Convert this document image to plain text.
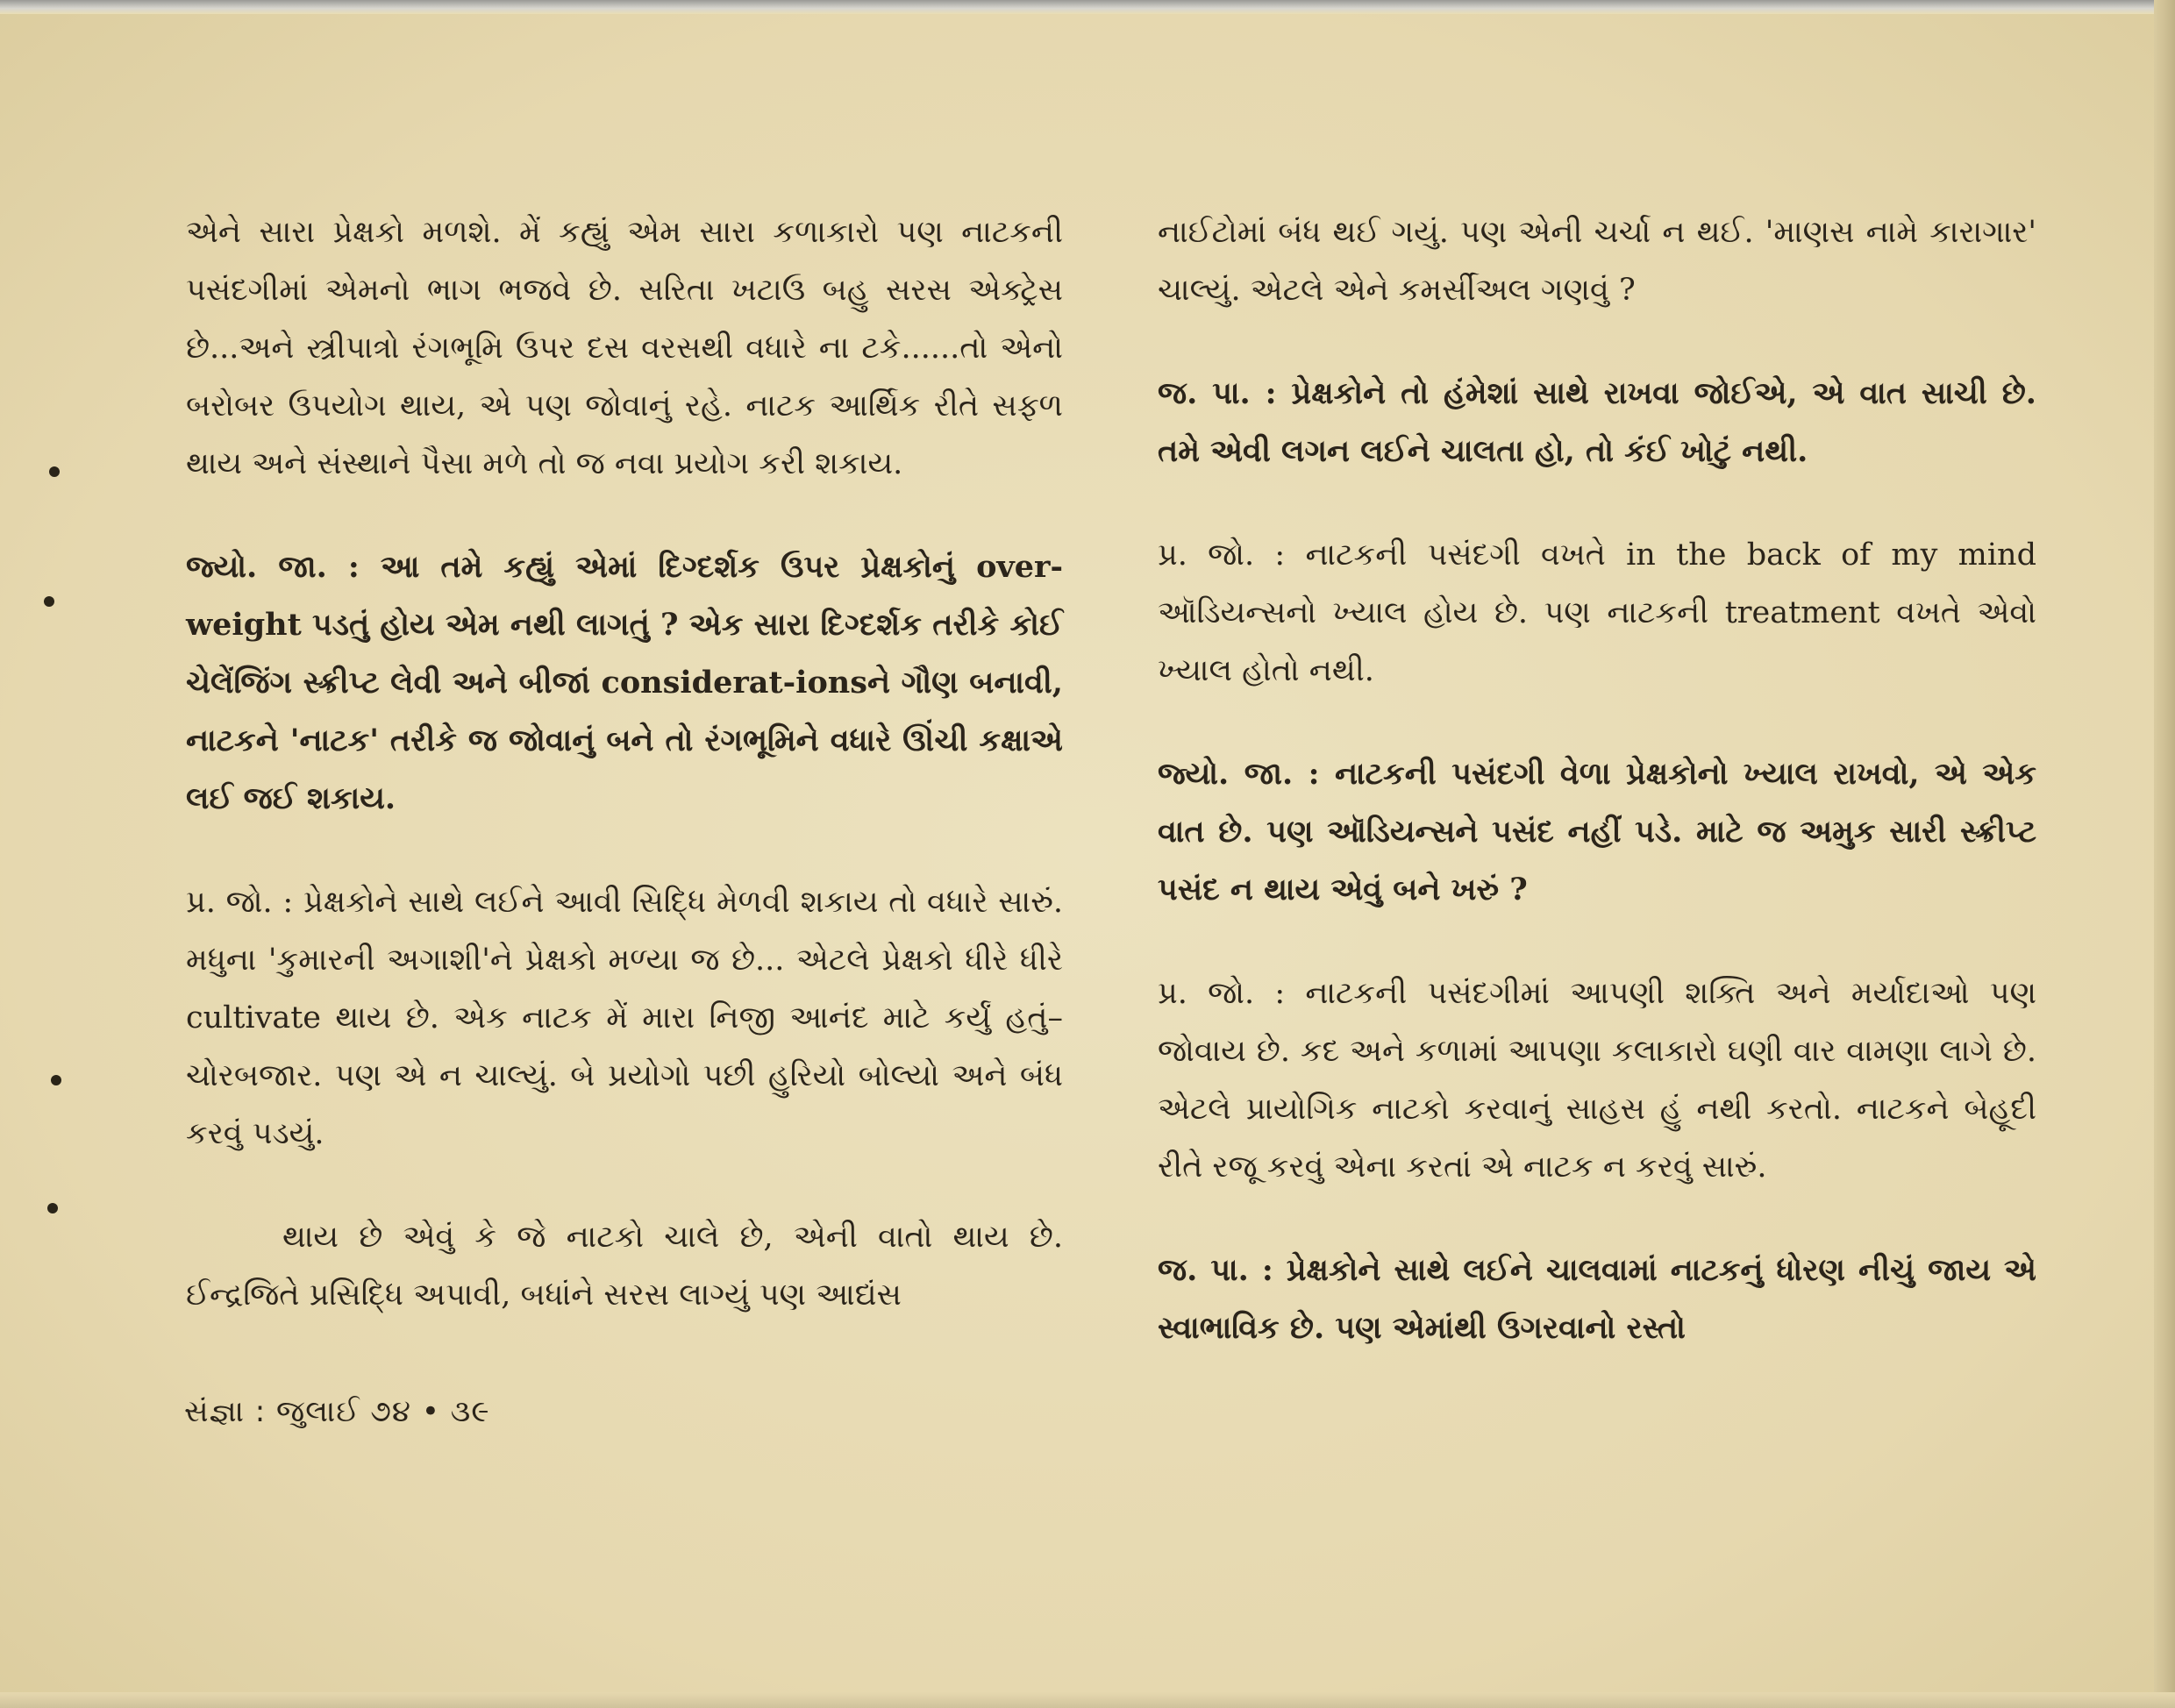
એને સારા પ્રેક્ષકો મળશે. મેં કહ્યું એમ સારા કળાકારો પણ નાટકની પસંદગીમાં એમનો ભાગ ભજવે છે. સરિતા ખટાઉ બહુ સરસ એક્ટ્રેસ છે...અને સ્ત્રીપાત્રો રંગભૂમિ ઉપર દસ વરસથી વધારે ના ટકે......તો એનો બરોબર ઉપયોગ થાય, એ પણ જોવાનું રહે. નાટક આર્થિક રીતે સફળ થાય અને સંસ્થાને પૈસા મળે તો જ નવા પ્રયોગ કરી શકાય.

જ્યો. જા. : આ તમે કહ્યું એમાં દિગ્દર્શક ઉપર પ્રેક્ષકોનું over-weight પડતું હોય એમ નથી લાગતું ? એક સારા દિગ્દર્શક તરીકે કોઈ ચેલેંજિંગ સ્ક્રીપ્ટ લેવી અને બીજાં considerat-ionsને ગૌણ બનાવી, નાટકને 'નાટક' તરીકે જ જોવાનું બને તો રંગભૂમિને વધારે ઊંચી કક્ષાએ લઈ જઈ શકાય.

પ્ર. જો. : પ્રેક્ષકોને સાથે લઈને આવી સિદ્ધિ મેળવી શકાય તો વધારે સારું. મધુના 'કુમારની અગાશી'ને પ્રેક્ષકો મળ્યા જ છે... એટલે પ્રેક્ષકો ધીરે ધીરે cultivate થાય છે. એક નાટક મેં મારા નિજી આનંદ માટે કર્યું હતું–ચોરબજાર. પણ એ ન ચાલ્યું. બે પ્રયોગો પછી હુરિયો બોલ્યો અને બંધ કરવું પડયું.

થાય છે એવું કે જે નાટકો ચાલે છે, એની વાતો થાય છે. ઈન્દ્રજિતે પ્રસિદ્ધિ અપાવી, બધાંને સરસ લાગ્યું પણ આદ્યંસ

નાઈટોમાં બંધ થઈ ગયું. પણ એની ચર્ચા ન થઈ. 'માણસ નામે કારાગાર' ચાલ્યું. એટલે એને કમર્સીઅલ ગણવું ?

જ. પા. : પ્રેક્ષકોને તો હંમેશાં સાથે રાખવા જોઈએ, એ વાત સાચી છે. તમે એવી લગન લઈને ચાલતા હો, તો કંઈ ખોટું નથી.

પ્ર. જો. : નાટકની પસંદગી વખતે in the back of my mind ઑડિયન્સનો ખ્યાલ હોય છે. પણ નાટકની treatment વખતે એવો ખ્યાલ હોતો નથી.

જ્યો. જા. : નાટકની પસંદગી વેળા પ્રેક્ષકોનો ખ્યાલ રાખવો, એ એક વાત છે. પણ ઑડિયન્સને પસંદ નહીં પડે. માટે જ અમુક સારી સ્ક્રીપ્ટ પસંદ ન થાય એવું બને ખરું ?

પ્ર. જો. : નાટકની પસંદગીમાં આપણી શક્તિ અને મર્યાદાઓ પણ જોવાય છે. કદ અને કળામાં આપણા કલાકારો ઘણી વાર વામણા લાગે છે. એટલે પ્રાયોગિક નાટકો કરવાનું સાહસ હું નથી કરતો. નાટકને બેહૂદી રીતે રજૂ કરવું એના કરતાં એ નાટક ન કરવું સારું.

જ. પા. : પ્રેક્ષકોને સાથે લઈને ચાલવામાં નાટકનું ધોરણ નીચું જાય એ સ્વાભાવિક છે. પણ એમાંથી ઉગરવાનો રસ્તો

સંજ્ઞા : જુલાઈ ૭૪ • ૩૯
